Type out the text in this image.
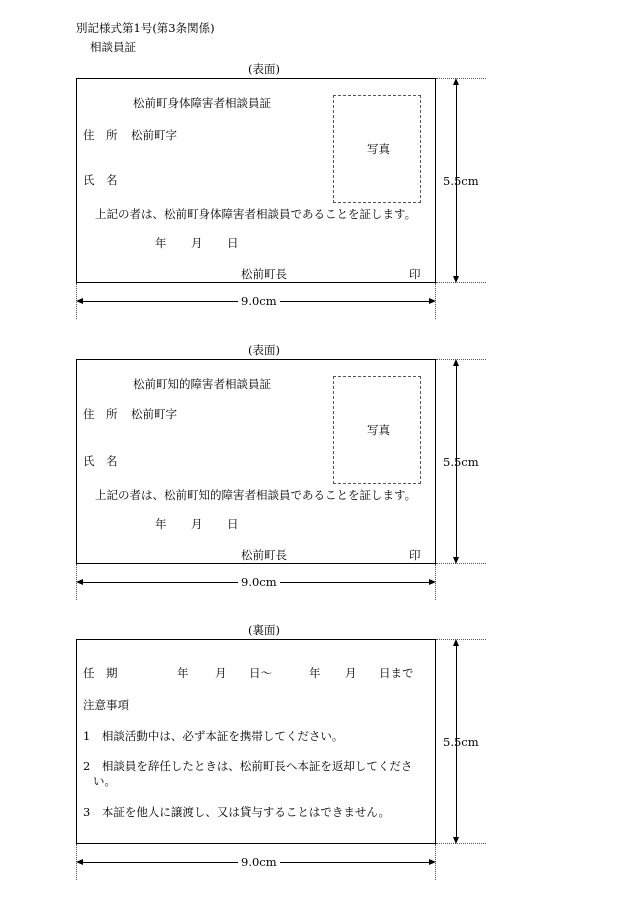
別記様式第1号(第3条関係)
相談員証
(表面)
松前町身体障害者相談員証
住　所 松前町字
氏　名
写真
上記の者は、松前町身体障害者相談員であることを証します。
年 月 日
松前町長	印
5.5cm
9.0cm
(表面)
松前町知的障害者相談員証
住　所 松前町字
氏　名
写真
上記の者は、松前町知的障害者相談員であることを証します。
年 月 日
松前町長	印
5.5cm
9.0cm
(裏面)
任　期	年 月 日〜	年 月 日まで
注意事項
1　相談活動中は、必ず本証を携帯してください。
2　相談員を辞任したときは、松前町長へ本証を返却してくださ
い。
3　本証を他人に譲渡し、又は貸与することはできません。
5.5cm
9.0cm
